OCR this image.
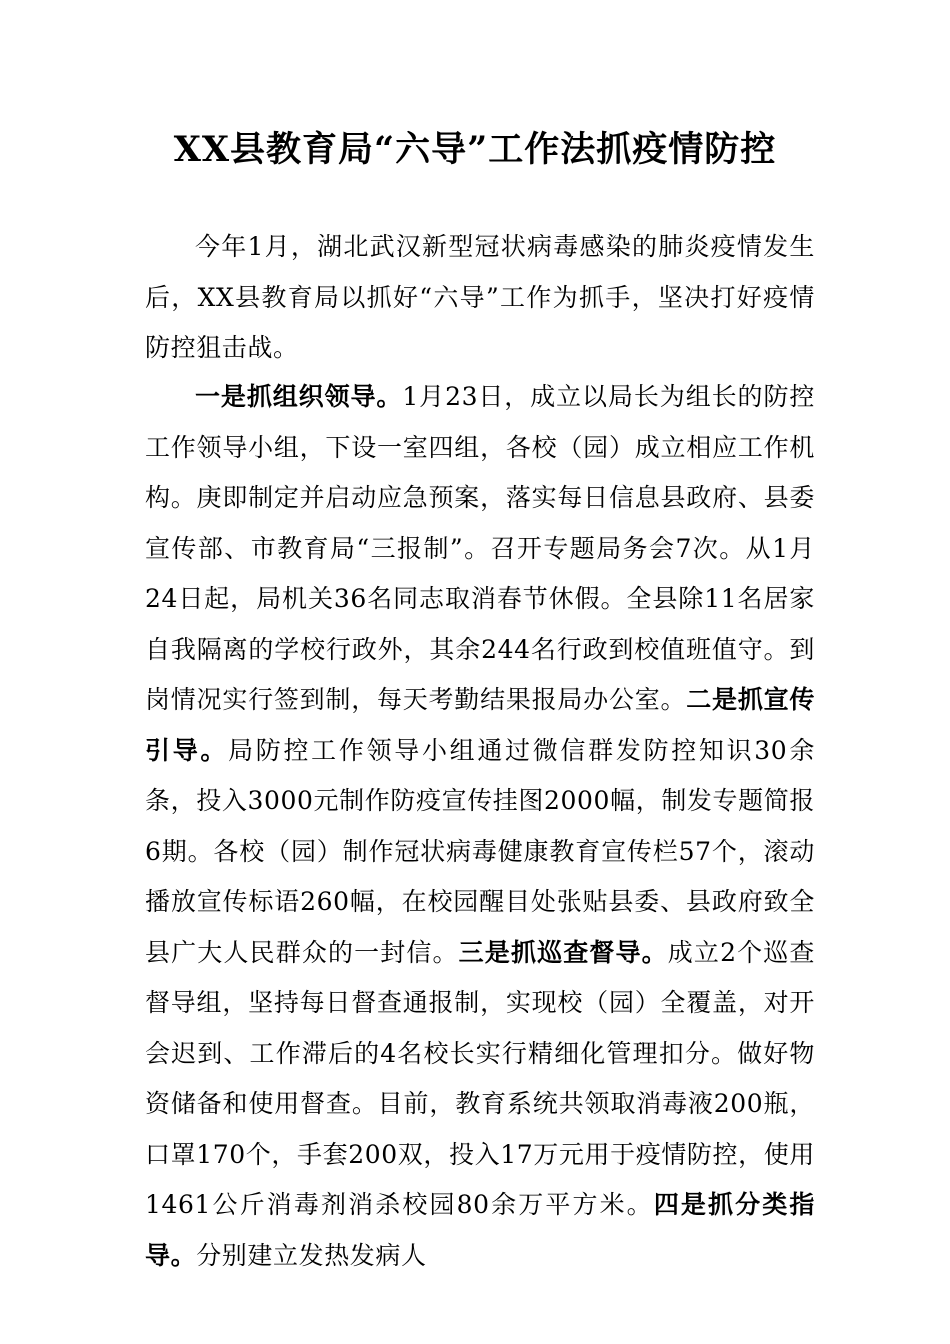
XX县教育局“六导”工作法抓疫情防控

今年1月，湖北武汉新型冠状病毒感染的肺炎疫情发生后，XX县教育局以抓好“六导”工作为抓手，坚决打好疫情防控狙击战。

一是抓组织领导。1月23日，成立以局长为组长的防控工作领导小组，下设一室四组，各校（园）成立相应工作机构。庚即制定并启动应急预案，落实每日信息县政府、县委宣传部、市教育局“三报制”。召开专题局务会7次。从1月24日起，局机关36名同志取消春节休假。全县除11名居家自我隔离的学校行政外，其余244名行政到校值班值守。到岗情况实行签到制，每天考勤结果报局办公室。二是抓宣传引导。局防控工作领导小组通过微信群发防控知识30余条，投入3000元制作防疫宣传挂图2000幅，制发专题简报6期。各校（园）制作冠状病毒健康教育宣传栏57个，滚动播放宣传标语260幅，在校园醒目处张贴县委、县政府致全县广大人民群众的一封信。三是抓巡查督导。成立2个巡查督导组，坚持每日督查通报制，实现校（园）全覆盖，对开会迟到、工作滞后的4名校长实行精细化管理扣分。做好物资储备和使用督查。目前，教育系统共领取消毒液200瓶，口罩170个，手套200双，投入17万元用于疫情防控，使用1461公斤消毒剂消杀校园80余万平方米。四是抓分类指导。分别建立发热发病人
